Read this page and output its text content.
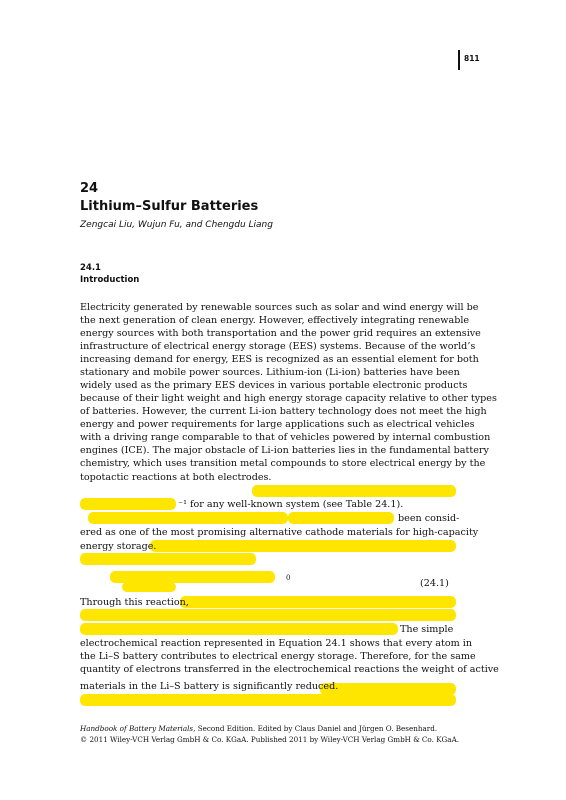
811
24
Lithium–Sulfur Batteries
Zengcai Liu, Wujun Fu, and Chengdu Liang
24.1
Introduction
Electricity generated by renewable sources such as solar and wind energy will be
the next generation of clean energy. However, effectively integrating renewable
energy sources with both transportation and the power grid requires an extensive
infrastructure of electrical energy storage (EES) systems. Because of the world’s
increasing demand for energy, EES is recognized as an essential element for both
stationary and mobile power sources. Lithium-ion (Li-ion) batteries have been
widely used as the primary EES devices in various portable electronic products
because of their light weight and high energy storage capacity relative to other types
of batteries. However, the current Li-ion battery technology does not meet the high
energy and power requirements for large applications such as electrical vehicles
with a driving range comparable to that of vehicles powered by internal combustion
engines (ICE). The major obstacle of Li-ion batteries lies in the fundamental battery
chemistry, which uses transition metal compounds to store electrical energy by the
topotactic reactions at both electrodes.
⁻¹ for any well-known system (see Table 24.1).
been consid-
ered as one of the most promising alternative cathode materials for high-capacity
energy storage.
0	(24.1)
Through this reaction,
The simple
electrochemical reaction represented in Equation 24.1 shows that every atom in
the Li–S battery contributes to electrical energy storage. Therefore, for the same
quantity of electrons transferred in the electrochemical reactions the weight of active
materials in the Li–S battery is significantly reduced.
Handbook of Battery Materials, Second Edition. Edited by Claus Daniel and Jürgen O. Besenhard.
© 2011 Wiley-VCH Verlag GmbH & Co. KGaA. Published 2011 by Wiley-VCH Verlag GmbH & Co. KGaA.
